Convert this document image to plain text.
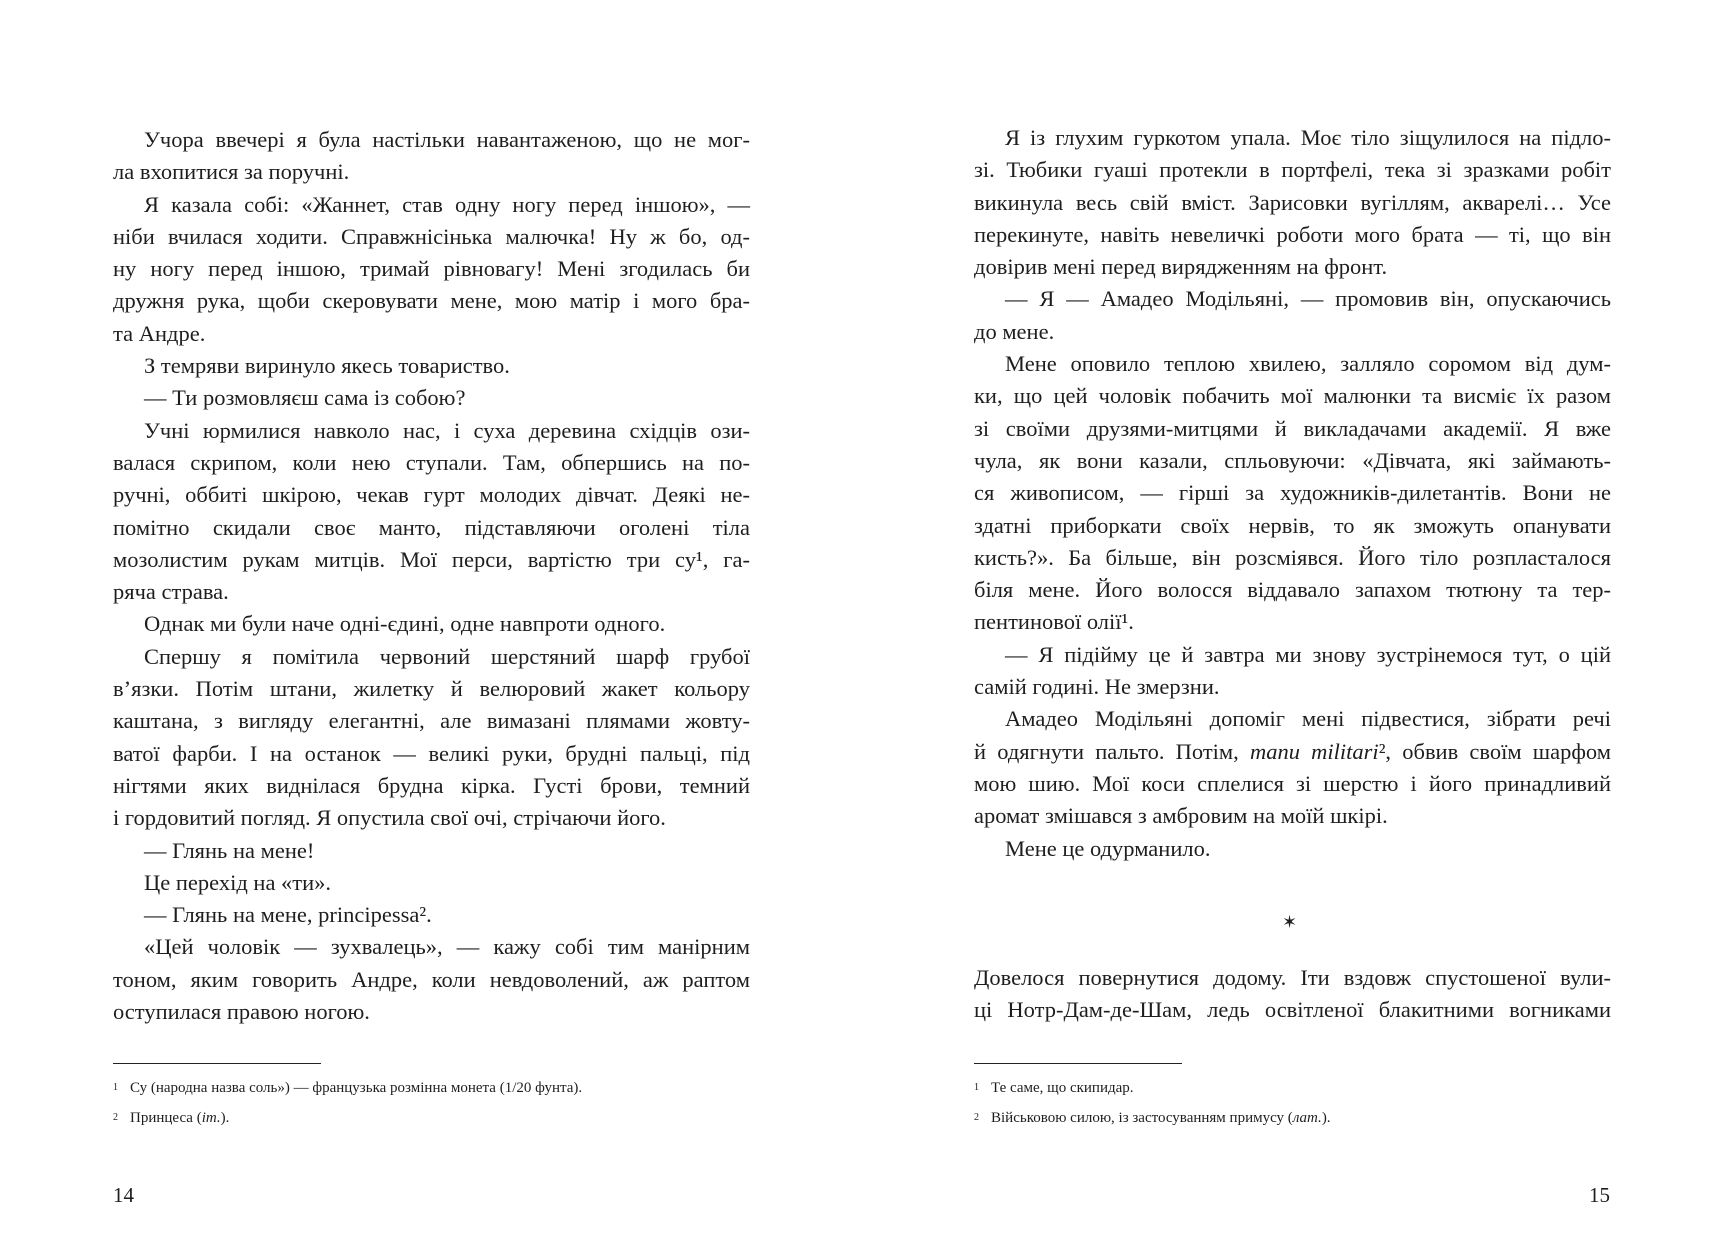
Учора ввечері я була настільки навантаженою, що не мог-
ла вхопитися за поручні.
Я казала собі: «Жаннет, став одну ногу перед іншою», —
ніби вчилася ходити. Справжнісінька малючка! Ну ж бо, од-
ну ногу перед іншою, тримай рівновагу! Мені згодилась би
дружня рука, щоби скеровувати мене, мою матір і мого бра-
та Андре.
З темряви виринуло якесь товариство.
— Ти розмовляєш сама із собою?
Учні юрмилися навколо нас, і суха деревина східців ози-
валася скрипом, коли нею ступали. Там, обпершись на по-
ручні, оббиті шкірою, чекав гурт молодих дівчат. Деякі не-
помітно скидали своє манто, підставляючи оголені тіла
мозолистим рукам митців. Мої перси, вартістю три су¹, га-
ряча страва.
Однак ми були наче одні-єдині, одне навпроти одного.
Спершу я помітила червоний шерстяний шарф грубої
в’язки. Потім штани, жилетку й велюровий жакет кольору
каштана, з вигляду елегантні, але вимазані плямами жовту-
ватої фарби. І на останок — великі руки, брудні пальці, під
нігтями яких виднілася брудна кірка. Густі брови, темний
і гордовитий погляд. Я опустила свої очі, стрічаючи його.
— Глянь на мене!
Це перехід на «ти».
— Глянь на мене, principessa².
«Цей чоловік — зухвалець», — кажу собі тим манірним
тоном, яким говорить Андре, коли невдоволений, аж раптом
оступилася правою ногою.
Я із глухим гуркотом упала. Моє тіло зіщулилося на підло-
зі. Тюбики гуаші протекли в портфелі, тека зі зразками робіт
викинула весь свій вміст. Зарисовки вугіллям, акварелі… Усе
перекинуте, навіть невеличкі роботи мого брата — ті, що він
довірив мені перед вирядженням на фронт.
— Я — Амадео Модільяні, — промовив він, опускаючись
до мене.
Мене оповило теплою хвилею, залляло соромом від дум-
ки, що цей чоловік побачить мої малюнки та висміє їх разом
зі своїми друзями-митцями й викладачами академії. Я вже
чула, як вони казали, спльовуючи: «Дівчата, які займають-
ся живописом, — гірші за художників-дилетантів. Вони не
здатні приборкати своїх нервів, то як зможуть опанувати
кисть?». Ба більше, він розсміявся. Його тіло розпласталося
біля мене. Його волосся віддавало запахом тютюну та тер-
пентинової олії¹.
— Я підійму це й завтра ми знову зустрінемося тут, о цій
самій годині. Не змерзни.
Амадео Модільяні допоміг мені підвестися, зібрати речі
й одягнути пальто. Потім, manu militari², обвив своїм шарфом
мою шию. Мої коси сплелися зі шерстю і його принадливий
аромат змішався з амбровим на моїй шкірі.
Мене це одурманило.
✶
Довелося повернутися додому. Іти вздовж спустошеної вули-
ці Нотр-Дам-де-Шам, ледь освітленої блакитними вогниками
$^1$ Су (народна назва соль») — французька розмінна монета (1/20 фунта).
$^2$ Принцеса (іт.).
$^1$ Те саме, що скипидар.
$^2$ Військовою силою, із застосуванням примусу (лат.).
14	15
